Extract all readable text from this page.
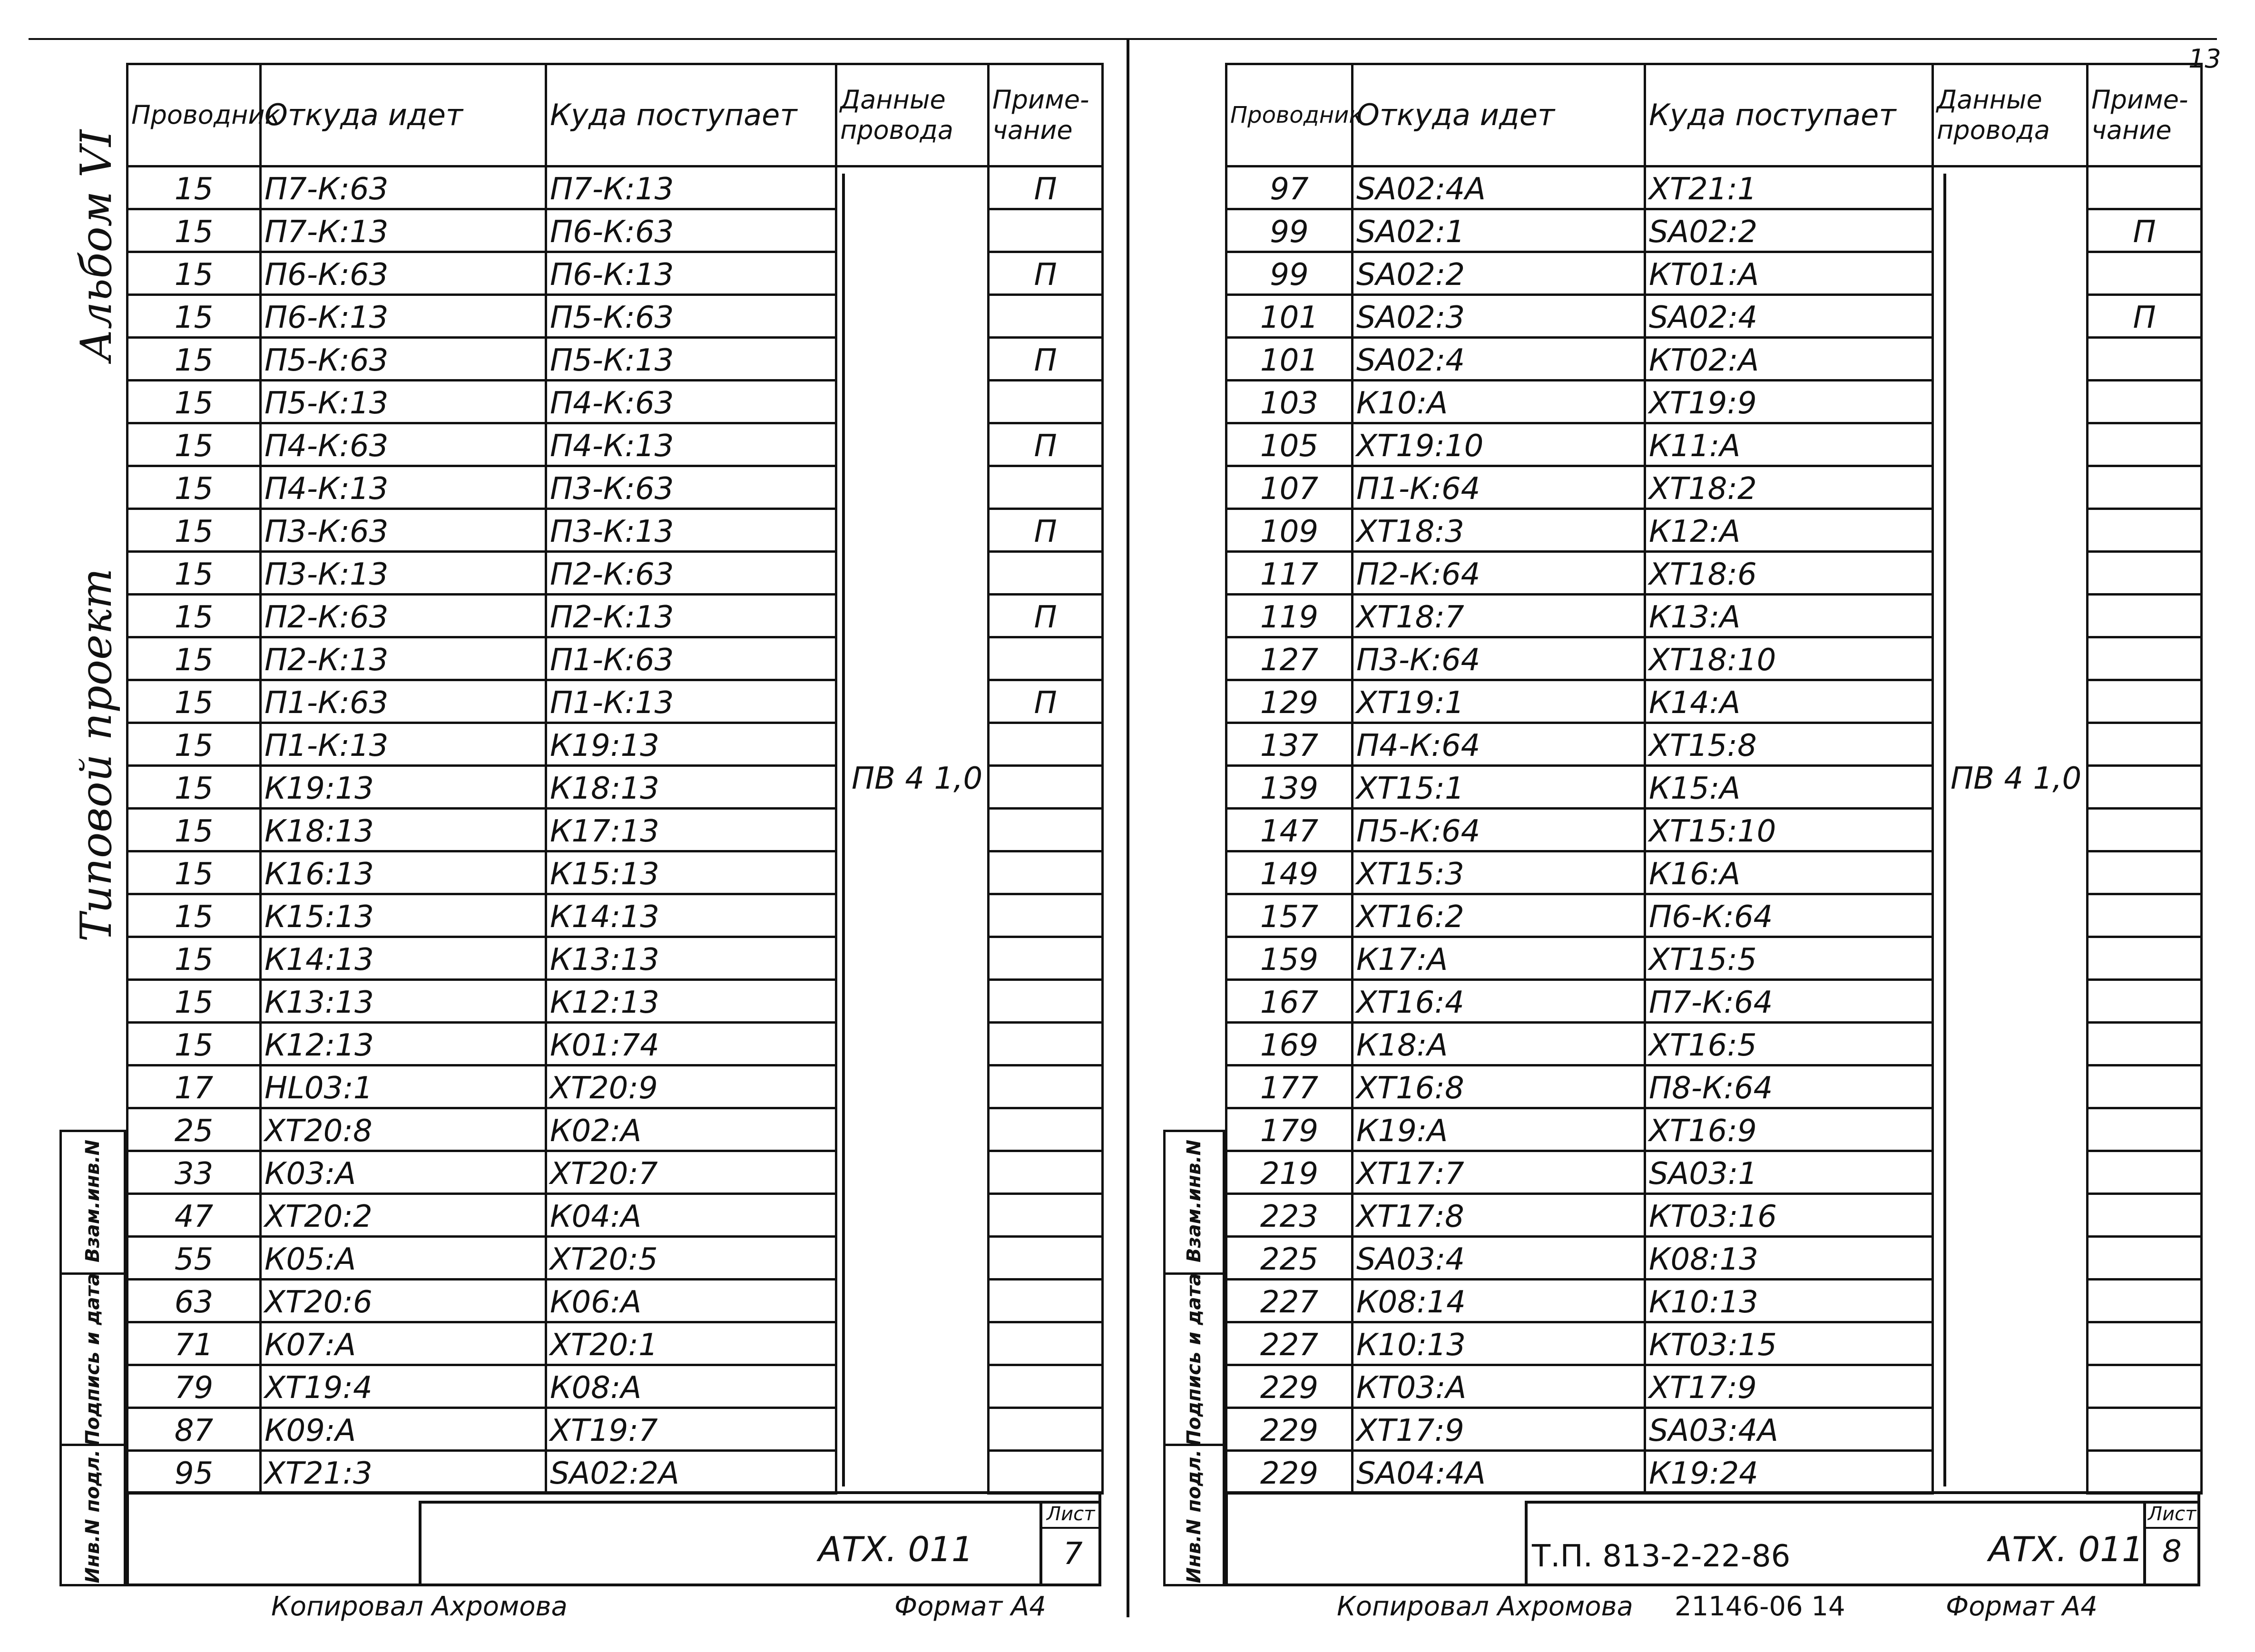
13
Альбом VI
Типовой проект
Взам.инв.N
Подпись и дата
Инв.N подл.
Проводник	Откуда идет	Куда поступает	Данные провода	Приме-чание
15	П7-К:63	П7-К:13		П
15	П7-К:13	П6-К:63		
15	П6-К:63	П6-К:13		П
15	П6-К:13	П5-К:63		
15	П5-К:63	П5-К:13		П
15	П5-К:13	П4-К:63		
15	П4-К:63	П4-К:13		П
15	П4-К:13	П3-К:63		
15	П3-К:63	П3-К:13		П
15	П3-К:13	П2-К:63		
15	П2-К:63	П2-К:13		П
15	П2-К:13	П1-К:63		
15	П1-К:63	П1-К:13		П
15	П1-К:13	К19:13		
15	К19:13	К18:13		
15	К18:13	К17:13		
15	К16:13	К15:13		
15	К15:13	К14:13		
15	К14:13	К13:13		
15	К13:13	К12:13		
15	К12:13	К01:74		
17	HL03:1	XT20:9		
25	XT20:8	К02:А		
33	К03:А	XT20:7		
47	XT20:2	К04:А		
55	К05:А	XT20:5		
63	XT20:6	К06:А		
71	К07:А	XT20:1		
79	XT19:4	К08:А		
87	К09:А	XT19:7		
95	XT21:3	SA02:2А		
ПВ 4 1,0
АТХ. 011
Лист
7
Копировал Ахромова	Формат А4
Взам.инв.N
Подпись и дата
Инв.N подл.
Проводник	Откуда идет	Куда поступает	Данные провода	Приме-чание
97	SA02:4А	XT21:1		
99	SA02:1	SA02:2		П
99	SA02:2	КТ01:А		
101	SA02:3	SA02:4		П
101	SA02:4	КТ02:А		
103	К10:А	XT19:9		
105	XT19:10	К11:А		
107	П1-К:64	XT18:2		
109	XT18:3	К12:А		
117	П2-К:64	XT18:6		
119	XT18:7	К13:А		
127	П3-К:64	XT18:10		
129	XT19:1	К14:А		
137	П4-К:64	XT15:8		
139	XT15:1	К15:А		
147	П5-К:64	XT15:10		
149	XT15:3	К16:А		
157	XT16:2	П6-К:64		
159	К17:А	XT15:5		
167	XT16:4	П7-К:64		
169	К18:А	XT16:5		
177	XT16:8	П8-К:64		
179	К19:А	XT16:9		
219	XT17:7	SA03:1		
223	XT17:8	КТ03:16		
225	SA03:4	К08:13		
227	К08:14	К10:13		
227	К10:13	КТ03:15		
229	КТ03:А	XT17:9		
229	XT17:9	SA03:4А		
229	SA04:4А	К19:24		
ПВ 4 1,0
Т.П. 813-2-22-86	АТХ. 011
Лист
8
Копировал Ахромова 21146-06 14	Формат А4
